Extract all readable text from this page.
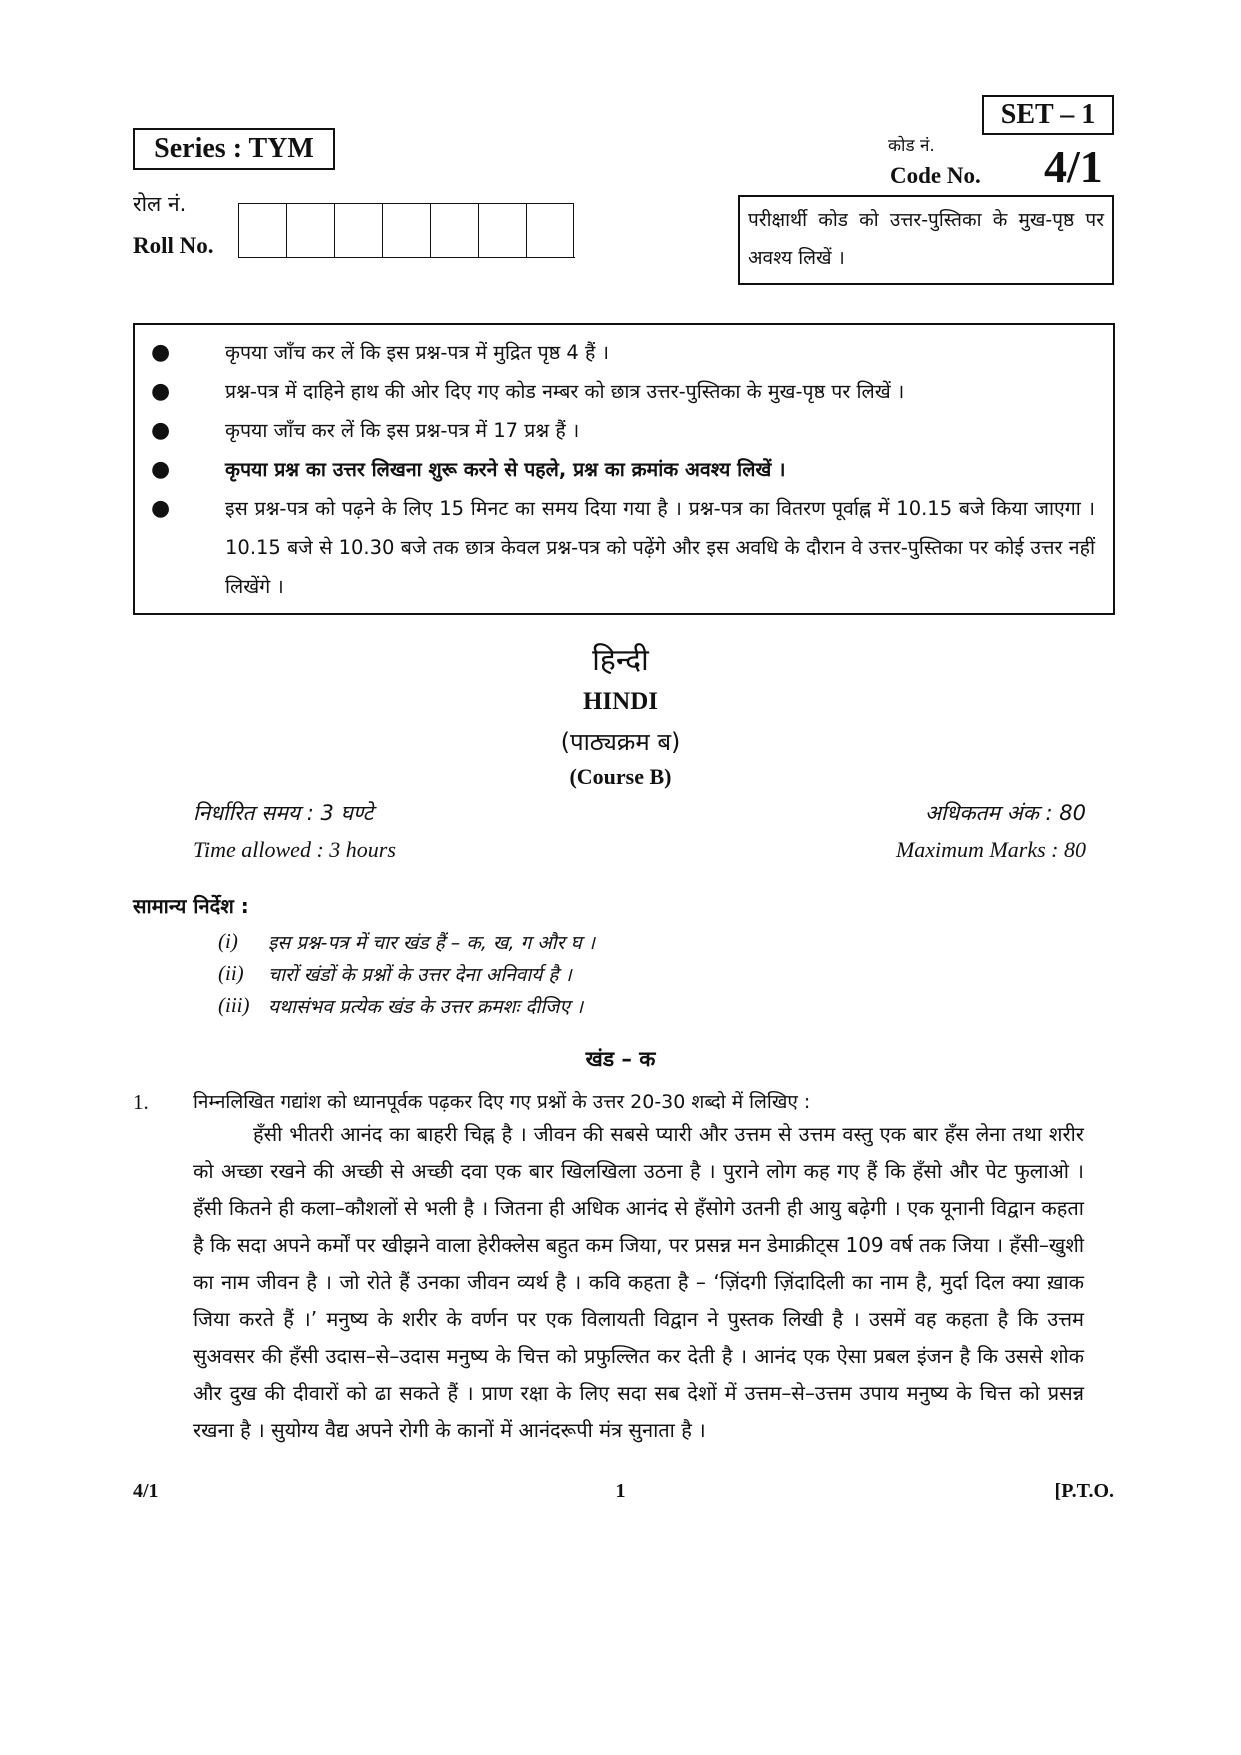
SET – 1
Series : TYM	कोड नं.
Code No. 4/1
रोल नं.
Roll No.
परीक्षार्थी कोड को उत्तर-पुस्तिका के मुख-पृष्ठ पर अवश्य लिखें ।
●	कृपया जाँच कर लें कि इस प्रश्न-पत्र में मुद्रित पृष्ठ 4 हैं ।
●	प्रश्न-पत्र में दाहिने हाथ की ओर दिए गए कोड नम्बर को छात्र उत्तर-पुस्तिका के मुख-पृष्ठ पर लिखें ।
●	कृपया जाँच कर लें कि इस प्रश्न-पत्र में 17 प्रश्न हैं ।
●	कृपया प्रश्न का उत्तर लिखना शुरू करने से पहले, प्रश्न का क्रमांक अवश्य लिखें ।
●	इस प्रश्न-पत्र को पढ़ने के लिए 15 मिनट का समय दिया गया है । प्रश्न-पत्र का वितरण पूर्वाह्न में 10.15 बजे किया जाएगा । 10.15 बजे से 10.30 बजे तक छात्र केवल प्रश्न-पत्र को पढ़ेंगे और इस अवधि के दौरान वे उत्तर-पुस्तिका पर कोई उत्तर नहीं लिखेंगे ।
हिन्दी
HINDI
(पाठ्यक्रम ब)
(Course B)
निर्धारित समय : 3 घण्टे
Time allowed : 3 hours
अधिकतम अंक : 80
Maximum Marks : 80
सामान्य निर्देश :
(i)	इस प्रश्न-पत्र में चार खंड हैं – क, ख, ग और घ ।
(ii)	चारों खंडों के प्रश्नों के उत्तर देना अनिवार्य है ।
(iii) यथासंभव प्रत्येक खंड के उत्तर क्रमशः दीजिए ।
खंड – क
1. निम्नलिखित गद्यांश को ध्यानपूर्वक पढ़कर दिए गए प्रश्नों के उत्तर 20-30 शब्दो में लिखिए :
हँसी भीतरी आनंद का बाहरी चिह्न है । जीवन की सबसे प्यारी और उत्तम से उत्तम वस्तु एक बार हँस लेना तथा शरीर को अच्छा रखने की अच्छी से अच्छी दवा एक बार खिलखिला उठना है । पुराने लोग कह गए हैं कि हँसो और पेट फुलाओ । हँसी कितने ही कला–कौशलों से भली है । जितना ही अधिक आनंद से हँसोगे उतनी ही आयु बढ़ेगी । एक यूनानी विद्वान कहता है कि सदा अपने कर्मों पर खीझने वाला हेरीक्लेस बहुत कम जिया, पर प्रसन्न मन डेमाक्रीट्स 109 वर्ष तक जिया । हँसी–खुशी का नाम जीवन है । जो रोते हैं उनका जीवन व्यर्थ है । कवि कहता है – ‘ज़िंदगी ज़िंदादिली का नाम है, मुर्दा दिल क्या ख़ाक जिया करते हैं ।’ मनुष्य के शरीर के वर्णन पर एक विलायती विद्वान ने पुस्तक लिखी है । उसमें वह कहता है कि उत्तम सुअवसर की हँसी उदास–से–उदास मनुष्य के चित्त को प्रफुल्लित कर देती है । आनंद एक ऐसा प्रबल इंजन है कि उससे शोक और दुख की दीवारों को ढा सकते हैं । प्राण रक्षा के लिए सदा सब देशों में उत्तम–से–उत्तम उपाय मनुष्य के चित्त को प्रसन्न रखना है । सुयोग्य वैद्य अपने रोगी के कानों में आनंदरूपी मंत्र सुनाता है ।
4/1	1	[P.T.O.
